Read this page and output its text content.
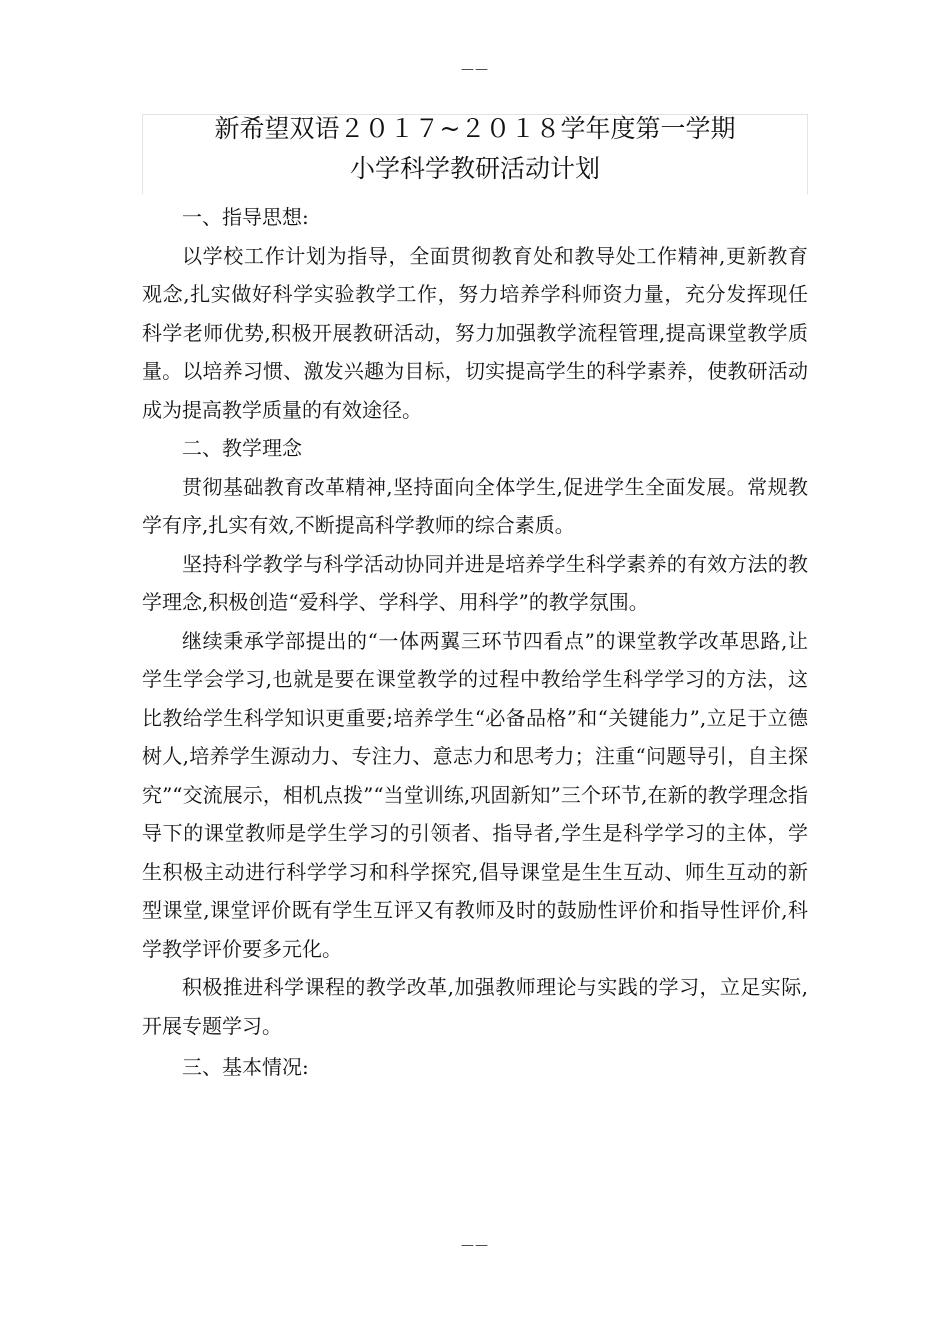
——
新希望双语２０１７~２０１８学年度第一学期
小学科学教研活动计划

一、指导思想:

以学校工作计划为指导，全面贯彻教育处和教导处工作精神,更新教育观念,扎实做好科学实验教学工作，努力培养学科师资力量，充分发挥现任科学老师优势,积极开展教研活动，努力加强教学流程管理,提高课堂教学质量。以培养习惯、激发兴趣为目标，切实提高学生的科学素养，使教研活动成为提高教学质量的有效途径。

二、教学理念

贯彻基础教育改革精神,坚持面向全体学生,促进学生全面发展。常规教学有序,扎实有效,不断提高科学教师的综合素质。

坚持科学教学与科学活动协同并进是培养学生科学素养的有效方法的教学理念,积极创造“爱科学、学科学、用科学”的教学氛围。

继续秉承学部提出的“一体两翼三环节四看点”的课堂教学改革思路,让学生学会学习,也就是要在课堂教学的过程中教给学生科学学习的方法，这比教给学生科学知识更重要;培养学生“必备品格”和“关键能力”,立足于立德树人,培养学生源动力、专注力、意志力和思考力；注重“问题导引，自主探究”“交流展示，相机点拨”“当堂训练,巩固新知”三个环节,在新的教学理念指导下的课堂教师是学生学习的引领者、指导者,学生是科学学习的主体，学生积极主动进行科学学习和科学探究,倡导课堂是生生互动、师生互动的新型课堂,课堂评价既有学生互评又有教师及时的鼓励性评价和指导性评价,科学教学评价要多元化。

积极推进科学课程的教学改革,加强教师理论与实践的学习，立足实际,开展专题学习。

三、基本情况:

——
